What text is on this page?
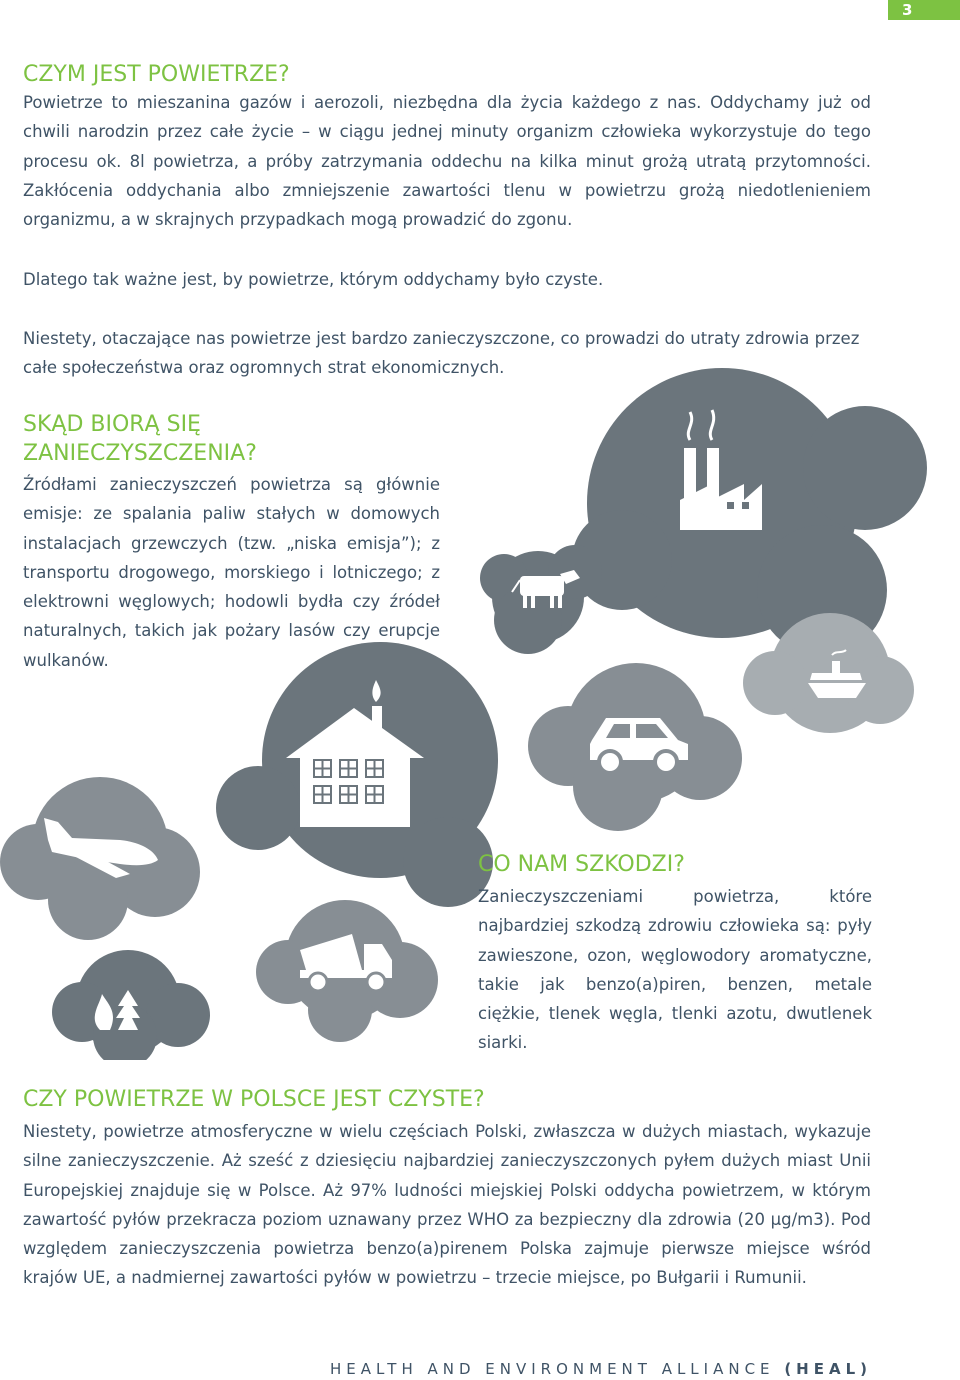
3
CZYM JEST POWIETRZE?

Powietrze to mieszanina gazów i aerozoli, niezbędna dla życia każdego z nas. Oddychamy już od chwili narodzin przez całe życie – w ciągu jednej minuty organizm człowieka wykorzystuje do tego procesu ok. 8l powietrza, a próby zatrzymania oddechu na kilka minut grożą utratą przytomności. Zakłócenia oddychania albo zmniejszenie zawartości tlenu w powietrzu grożą niedotlenieniem organizmu, a w skrajnych przypadkach mogą prowadzić do zgonu.

Dlatego tak ważne jest, by powietrze, którym oddychamy było czyste.

Niestety, otaczające nas powietrze jest bardzo zanieczyszczone, co prowadzi do utraty zdrowia przez całe społeczeństwa oraz ogromnych strat ekonomicznych.

SKĄD BIORĄ SIĘ ZANIECZYSZCZENIA?

Źródłami zanieczyszczeń powietrza są głównie emisje: ze spalania paliw stałych w domowych instalacjach grzewczych (tzw. „niska emisja”); z transportu drogowego, morskiego i lotniczego; z elektrowni węglowych; hodowli bydła czy źródeł naturalnych, takich jak pożary lasów czy erupcje wulkanów.

CO NAM SZKODZI?

Zanieczyszczeniami powietrza, które najbardziej szkodzą zdrowiu człowieka są: pyły zawieszone, ozon, węglowodory aromatyczne, takie jak benzo(a)piren, benzen, metale ciężkie, tlenek węgla, tlenki azotu, dwutlenek siarki.

CZY POWIETRZE W POLSCE JEST CZYSTE?

Niestety, powietrze atmosferyczne w wielu częściach Polski, zwłaszcza w dużych miastach, wykazuje silne zanieczyszczenie. Aż sześć z dziesięciu najbardziej zanieczyszczonych pyłem dużych miast Unii Europejskiej znajduje się w Polsce. Aż 97% ludności miejskiej Polski oddycha powietrzem, w którym zawartość pyłów przekracza poziom uznawany przez WHO za bezpieczny dla zdrowia (20 µg/m3). Pod względem zanieczyszczenia powietrza benzo(a)pirenem Polska zajmuje pierwsze miejsce wśród krajów UE, a nadmiernej zawartości pyłów w powietrzu – trzecie miejsce, po Bułgarii i Rumunii.

HEALTH AND ENVIRONMENT ALLIANCE (HEAL)
